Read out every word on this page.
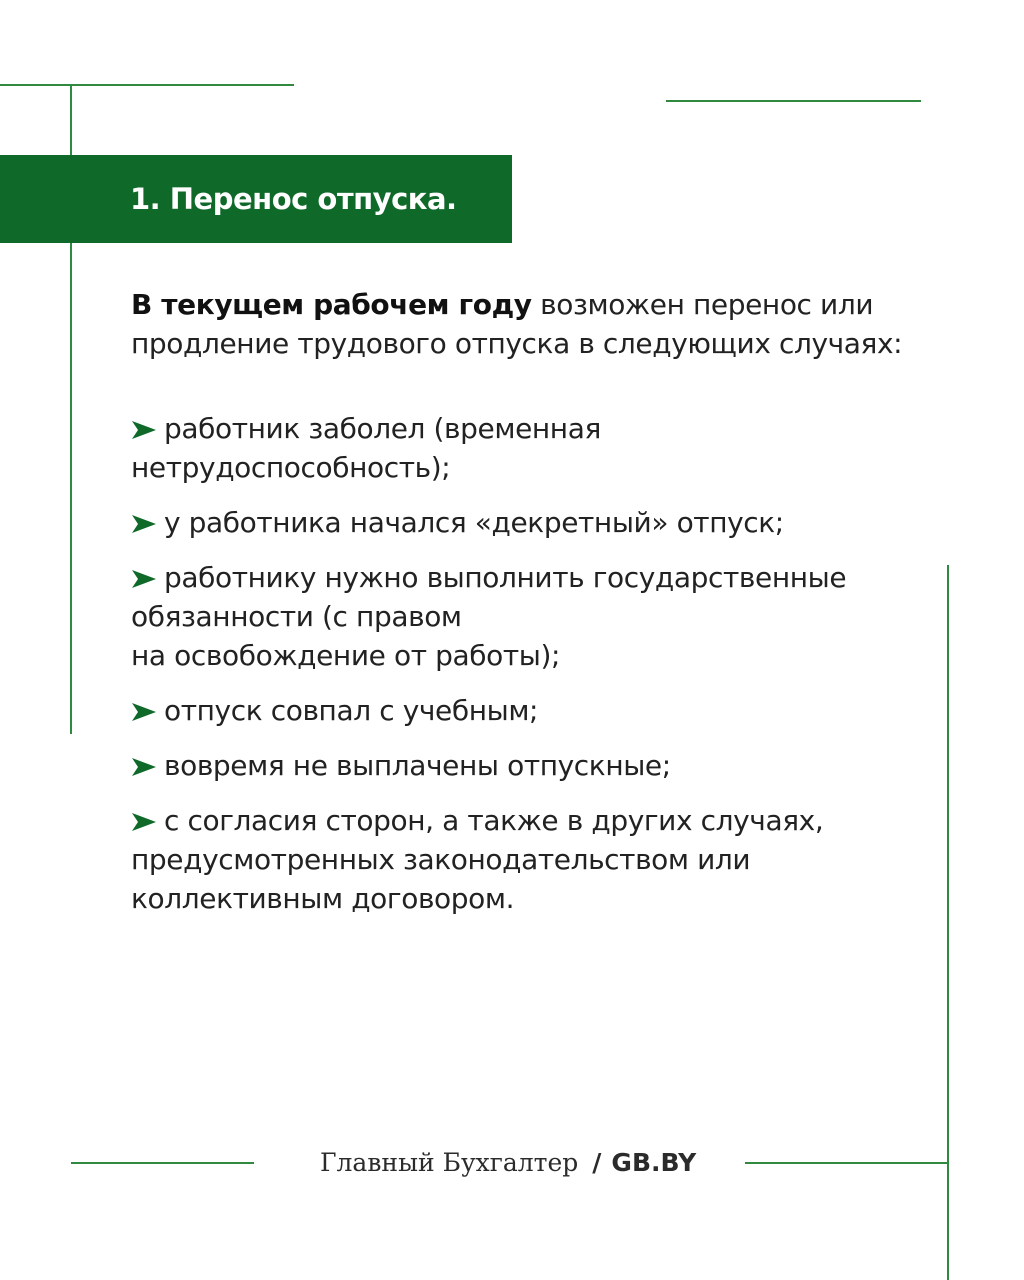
1. Перенос отпуска.

В текущем рабочем году возможен перенос или продление трудового отпуска в следующих случаях:

работник заболел (временная нетрудоспособность);
у работника начался «декретный» отпуск;
работнику нужно выполнить государственные обязанности (с правом
на освобождение от работы);
отпуск совпал с учебным;
вовремя не выплачены отпускные;
с согласия сторон, а также в других случаях, предусмотренных законодательством или коллективным договором.
Главный Бухгалтер / GB.BY
